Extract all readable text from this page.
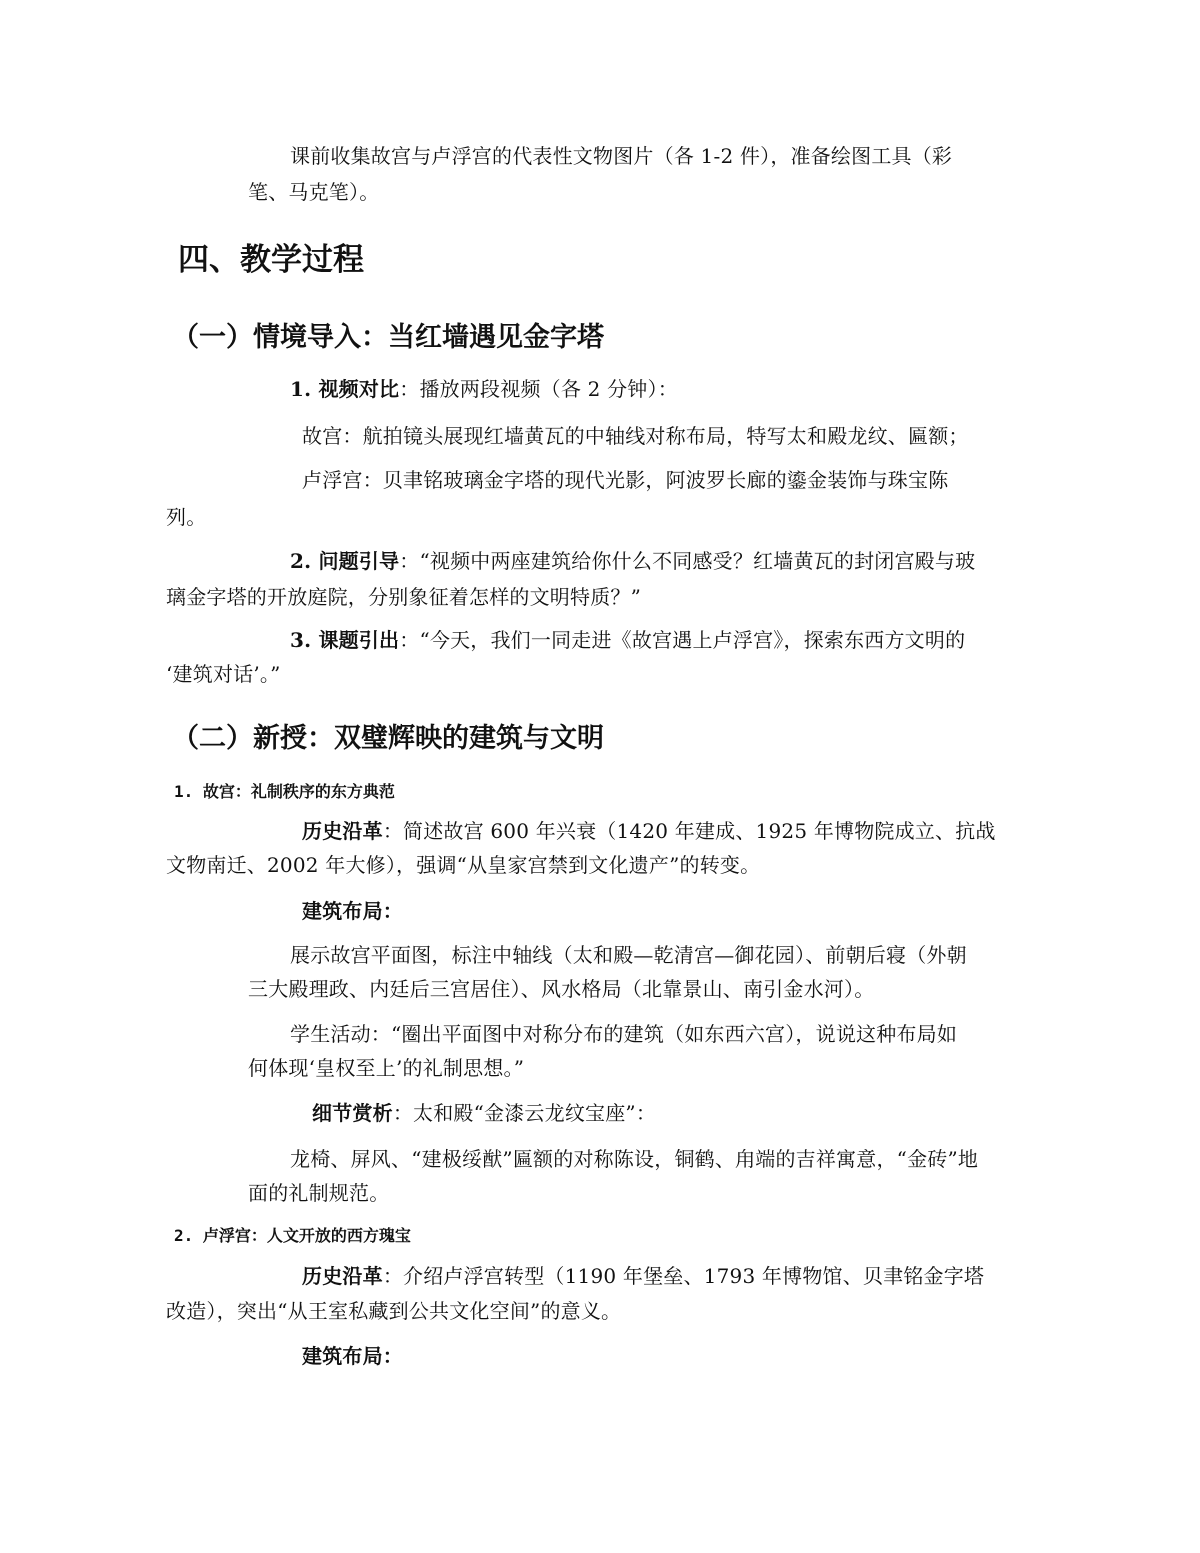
课前收集故宫与卢浮宫的代表性文物图片（各 1-2 件），准备绘图工具（彩
笔、马克笔）。
四、教学过程
（一）情境导入：当红墙遇见金字塔
1. 视频对比：播放两段视频（各 2 分钟）：
故宫：航拍镜头展现红墙黄瓦的中轴线对称布局，特写太和殿龙纹、匾额；
卢浮宫：贝聿铭玻璃金字塔的现代光影，阿波罗长廊的鎏金装饰与珠宝陈
列。
2. 问题引导：“视频中两座建筑给你什么不同感受？红墙黄瓦的封闭宫殿与玻
璃金字塔的开放庭院，分别象征着怎样的文明特质？”
3. 课题引出：“今天，我们一同走进《故宫遇上卢浮宫》，探索东西方文明的
‘建筑对话’。”
（二）新授：双璧辉映的建筑与文明
1. 故宫：礼制秩序的东方典范
历史沿革：简述故宫 600 年兴衰（1420 年建成、1925 年博物院成立、抗战
文物南迁、2002 年大修），强调“从皇家宫禁到文化遗产”的转变。
建筑布局：
展示故宫平面图，标注中轴线（太和殿—乾清宫—御花园）、前朝后寝（外朝
三大殿理政、内廷后三宫居住）、风水格局（北靠景山、南引金水河）。
学生活动：“圈出平面图中对称分布的建筑（如东西六宫），说说这种布局如
何体现‘皇权至上’的礼制思想。”
细节赏析：太和殿“金漆云龙纹宝座”：
龙椅、屏风、“建极绥猷”匾额的对称陈设，铜鹤、甪端的吉祥寓意，“金砖”地
面的礼制规范。
2. 卢浮宫：人文开放的西方瑰宝
历史沿革：介绍卢浮宫转型（1190 年堡垒、1793 年博物馆、贝聿铭金字塔
改造），突出“从王室私藏到公共文化空间”的意义。
建筑布局：
